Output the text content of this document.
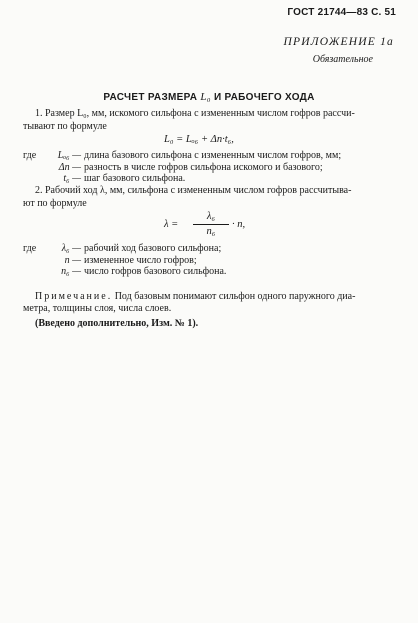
ГОСТ 21744—83 С. 51
ПРИЛОЖЕНИЕ 1а
Обязательное
РАСЧЕТ РАЗМЕРА L₀ И РАБОЧЕГО ХОДА
1. Размер L₀, мм, искомого сильфона с измененным числом гофров рассчи-
тывают по формуле
L₀ = Lₒ₆ + Δn·t₆,
где	Lₒ₆ — длина базового сильфона с измененным числом гофров, мм;
Δn — разность в числе гофров сильфона искомого и базового;
t₆ — шаг базового сильфона.
2. Рабочий ход λ, мм, сильфона с измененным числом гофров рассчитыва-
ют по формуле
λ =
λ₆
n₆
· n,
где	λ₆ — рабочий ход базового сильфона;
n — измененное число гофров;
n₆ — число гофров базового сильфона.
Примечание. Под базовым понимают сильфон одного паружного диа-
метра, толщины слоя, числа слоев.
(Введено дополнительно, Изм. № 1).
